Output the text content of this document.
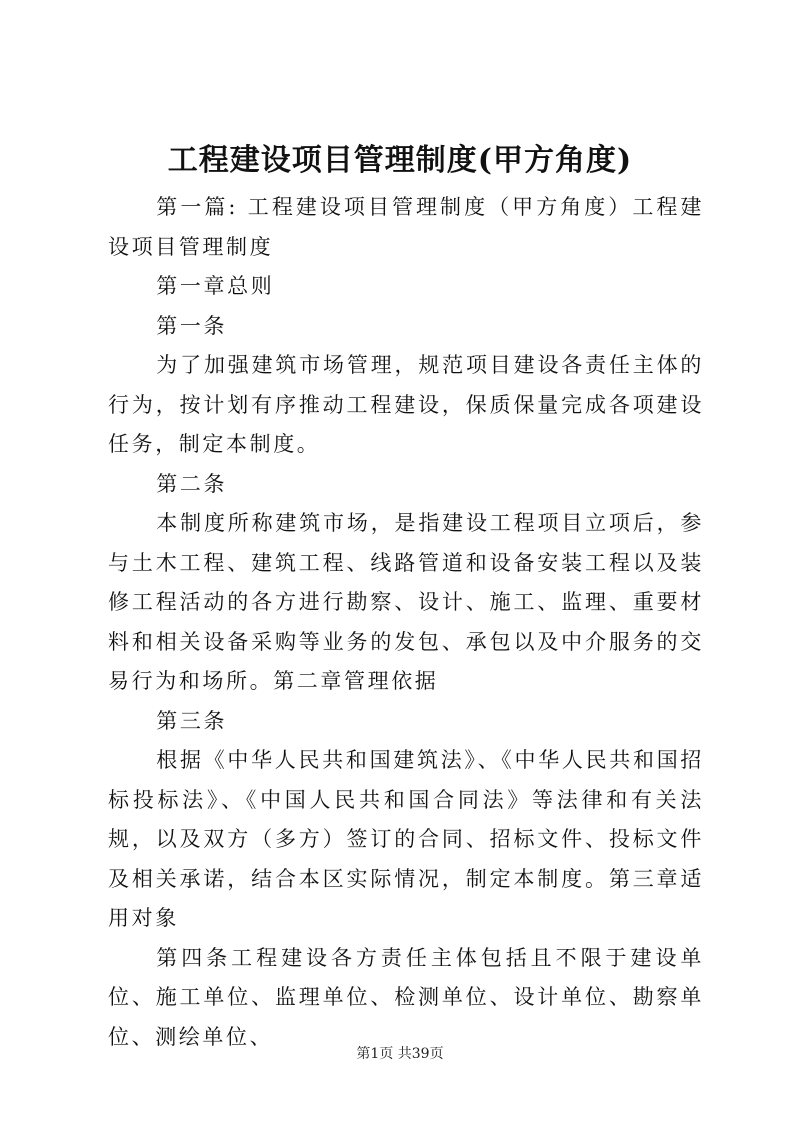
工程建设项目管理制度(甲方角度)

第一篇: 工程建设项目管理制度（甲方角度）工程建设项目管理制度

第一章总则

第一条

为了加强建筑市场管理，规范项目建设各责任主体的行为，按计划有序推动工程建设，保质保量完成各项建设任务，制定本制度。

第二条

本制度所称建筑市场，是指建设工程项目立项后，参与土木工程、建筑工程、线路管道和设备安装工程以及装修工程活动的各方进行勘察、设计、施工、监理、重要材料和相关设备采购等业务的发包、承包以及中介服务的交易行为和场所。第二章管理依据

第三条

根据《中华人民共和国建筑法》、《中华人民共和国招标投标法》、《中国人民共和国合同法》等法律和有关法规，以及双方（多方）签订的合同、招标文件、投标文件及相关承诺，结合本区实际情况，制定本制度。第三章适用对象

第四条工程建设各方责任主体包括且不限于建设单位、施工单位、监理单位、检测单位、设计单位、勘察单位、测绘单位、

第1页 共39页
